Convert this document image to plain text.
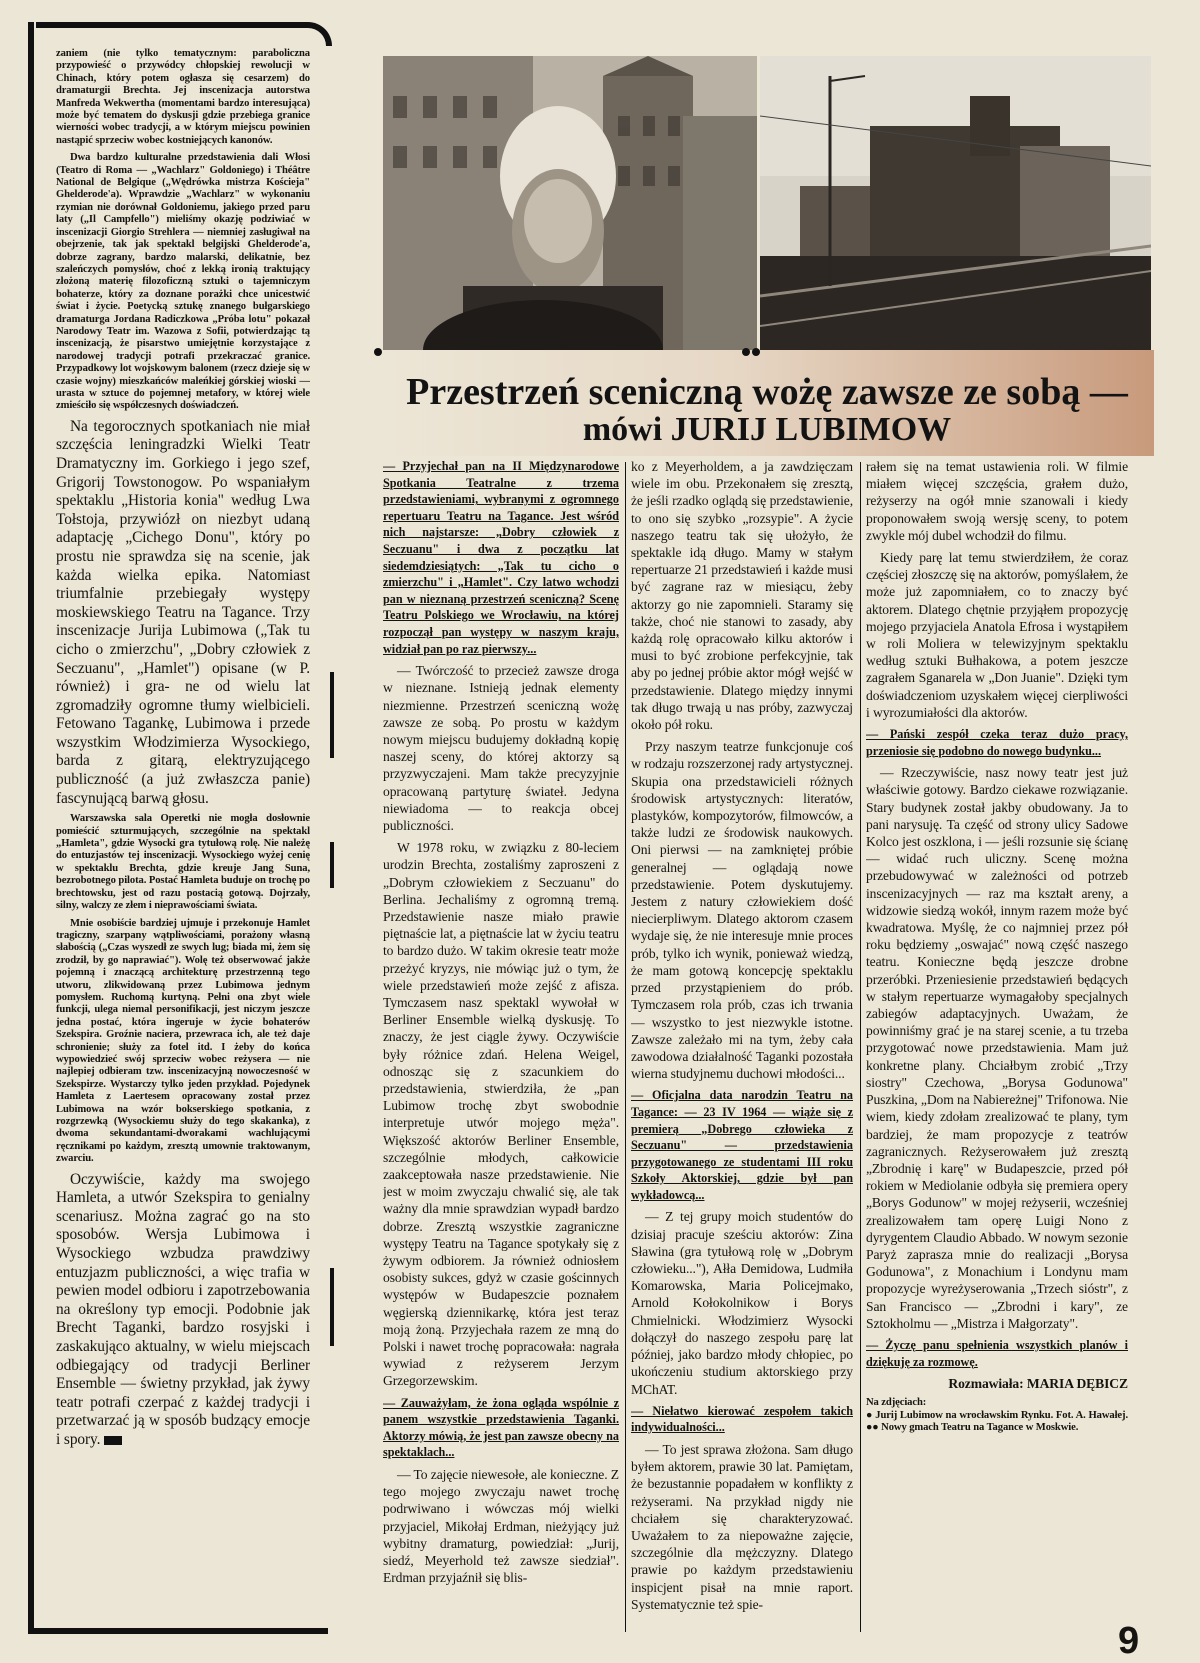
zaniem (nie tylko tematycznym: paraboliczna przypowieść o przywódcy chłopskiej rewolucji w Chinach, który potem ogłasza się cesarzem) do dramaturgii Brechta. Jej inscenizacja autorstwa Manfreda Wekwertha (momentami bardzo interesująca) może być tematem do dyskusji gdzie przebiega granice wierności wobec tradycji, a w którym miejscu powinien nastąpić sprzeciw wobec kostniejących kanonów.

Dwa bardzo kulturalne przedstawienia dali Włosi (Teatro di Roma — „Wachlarz" Goldoniego) i Théâtre National de Belgique („Wędrówka mistrza Kościeja" Ghelderode'a). Wprawdzie „Wachlarz" w wykonaniu rzymian nie dorównał Goldoniemu, jakiego przed paru laty („Il Campfello") mieliśmy okazję podziwiać w inscenizacji Giorgio Strehlera — niemniej zasługiwał na obejrzenie, tak jak spektakl belgijski Ghelderode'a, dobrze zagrany, bardzo malarski, delikatnie, bez szaleńczych pomysłów, choć z lekką ironią traktujący złożoną materię filozoficzną sztuki o tajemniczym bohaterze, który za doznane porażki chce unicestwić świat i życie. Poetycką sztukę znanego bułgarskiego dramaturga Jordana Radiczkowa „Próba lotu" pokazał Narodowy Teatr im. Wazowa z Sofii, potwierdzając tą inscenizacją, że pisarstwo umiejętnie korzystające z narodowej tradycji potrafi przekraczać granice. Przypadkowy lot wojskowym balonem (rzecz dzieje się w czasie wojny) mieszkańców maleńkiej górskiej wioski — urasta w sztuce do pojemnej metafory, w której wiele zmieściło się współczesnych doświadczeń.

Na tegorocznych spotkaniach nie miał szczęścia leningradzki Wielki Teatr Dramatyczny im. Gorkiego i jego szef, Grigorij Towstonogow. Po wspaniałym spektaklu „Historia konia" według Lwa Tołstoja, przywiózł on niezbyt udaną adaptację „Cichego Donu", który po prostu nie sprawdza się na scenie, jak każda wielka epika. Natomiast triumfalnie przebiegały występy moskiewskiego Teatru na Tagance. Trzy inscenizacje Jurija Lubimowa („Tak tu cicho o zmierzchu", „Dobry człowiek z Seczuanu", „Hamlet") opisane (w P. również) i gra- ne od wielu lat zgromadziły ogromne tłumy wielbicieli. Fetowano Tagankę, Lubimowa i przede wszystkim Włodzimierza Wysockiego, barda z gitarą, elektryzującego publiczność (a już zwłaszcza panie) fascynującą barwą głosu.

Warszawska sala Operetki nie mogła dosłownie pomieścić szturmujących, szczególnie na spektakl „Hamleta", gdzie Wysocki gra tytułową rolę. Nie należę do entuzjastów tej inscenizacji. Wysockiego wyżej cenię w spektaklu Brechta, gdzie kreuje Jang Suna, bezrobotnego pilota. Postać Hamleta buduje on trochę po brechtowsku, jest od razu postacią gotową. Dojrzały, silny, walczy ze złem i nieprawościami świata.

Mnie osobiście bardziej ujmuje i przekonuje Hamlet tragiczny, szarpany wątpliwościami, porażony własną słabością („Czas wyszedł ze swych lug; biada mi, żem się zrodził, by go naprawiać"). Wolę też obserwować jakże pojemną i znaczącą architekturę przestrzenną tego utworu, zlikwidowaną przez Lubimowa jednym pomysłem. Ruchomą kurtyną. Pełni ona zbyt wiele funkcji, ulega niemal personifikacji, jest niczym jeszcze jedna postać, która ingeruje w życie bohaterów Szekspira. Groźnie naciera, przewraca ich, ale też daje schronienie; służy za fotel itd. I żeby do końca wypowiedzieć swój sprzeciw wobec reżysera — nie najlepiej odbieram tzw. inscenizacyjną nowoczesność w Szekspirze. Wystarczy tylko jeden przykład. Pojedynek Hamleta z Laertesem opracowany został przez Lubimowa na wzór bokserskiego spotkania, z rozgrzewką (Wysockiemu służy do tego skakanka), z dwoma sekundantami-dworakami wachlującymi ręcznikami po każdym, zresztą umownie traktowanym, zwarciu.

Oczywiście, każdy ma swojego Hamleta, a utwór Szekspira to genialny scenariusz. Można zagrać go na sto sposobów. Wersja Lubimowa i Wysockiego wzbudza prawdziwy entuzjazm publiczności, a więc trafia w pewien model odbioru i zapotrzebowania na określony typ emocji. Podobnie jak Brecht Taganki, bardzo rosyjski i zaskakująco aktualny, w wielu miejscach odbiegający od tradycji Berliner Ensemble — świetny przykład, jak żywy teatr potrafi czerpać z każdej tradycji i przetwarzać ją w sposób budzący emocje i spory.

Przestrzeń sceniczną wożę zawsze ze sobą —
mówi JURIJ LUBIMOW

— Przyjechał pan na II Międzynarodowe Spotkania Teatralne z trzema przedstawieniami, wybranymi z ogromnego repertuaru Teatru na Tagance. Jest wśród nich najstarsze: „Dobry człowiek z Seczuanu" i dwa z początku lat siedemdziesiątych: „Tak tu cicho o zmierzchu" i „Hamlet". Czy latwo wchodzi pan w nieznaną przestrzeń sceniczną? Scenę Teatru Polskiego we Wrocławiu, na której rozpoczął pan występy w naszym kraju, widział pan po raz pierwszy...

— Twórczość to przecież zawsze droga w nieznane. Istnieją jednak elementy niezmienne. Przestrzeń sceniczną wożę zawsze ze sobą. Po prostu w każdym nowym miejscu budujemy dokładną kopię naszej sceny, do której aktorzy są przyzwyczajeni. Mam także precyzyjnie opracowaną partyturę świateł. Jedyna niewiadoma — to reakcja obcej publiczności.

W 1978 roku, w związku z 80-leciem urodzin Brechta, zostaliśmy zaproszeni z „Dobrym człowiekiem z Seczuanu" do Berlina. Jechaliśmy z ogromną tremą. Przedstawienie nasze miało prawie piętnaście lat, a piętnaście lat w życiu teatru to bardzo dużo. W takim okresie teatr może przeżyć kryzys, nie mówiąc już o tym, że wiele przedstawień może zejść z afisza. Tymczasem nasz spektakl wywołał w Berliner Ensemble wielką dyskusję. To znaczy, że jest ciągle żywy. Oczywiście były różnice zdań. Helena Weigel, odnosząc się z szacunkiem do przedstawienia, stwierdziła, że „pan Lubimow trochę zbyt swobodnie interpretuje utwór mojego męża". Większość aktorów Berliner Ensemble, szczególnie młodych, całkowicie zaakceptowała nasze przedstawienie. Nie jest w moim zwyczaju chwalić się, ale tak ważny dla mnie sprawdzian wypadł bardzo dobrze. Zresztą wszystkie zagraniczne występy Teatru na Tagance spotykały się z żywym odbiorem. Ja również odniosłem osobisty sukces, gdyż w czasie gościnnych występów w Budapeszcie poznałem węgierską dziennikarkę, która jest teraz moją żoną. Przyjechała razem ze mną do Polski i nawet trochę popracowała: nagrała wywiad z reżyserem Jerzym Grzegorzewskim.

— Zauważyłam, że żona ogląda wspólnie z panem wszystkie przedstawienia Taganki. Aktorzy mówią, że jest pan zawsze obecny na spektaklach...

— To zajęcie niewesołe, ale konieczne. Z tego mojego zwyczaju nawet trochę podrwiwano i wówczas mój wielki przyjaciel, Mikołaj Erdman, nieżyjący już wybitny dramaturg, powiedział: „Jurij, siedź, Meyerhold też zawsze siedział". Erdman przyjaźnił się blis-

ko z Meyerholdem, a ja zawdzięczam wiele im obu. Przekonałem się zresztą, że jeśli rzadko oglądą się przedstawienie, to ono się szybko „rozsypie". A życie naszego teatru tak się ułożyło, że spektakle idą długo. Mamy w stałym repertuarze 21 przedstawień i każde musi być zagrane raz w miesiącu, żeby aktorzy go nie zapomnieli. Staramy się także, choć nie stanowi to zasady, aby każdą rolę opracowało kilku aktorów i musi to być zrobione perfekcyjnie, tak aby po jednej próbie aktor mógł wejść w przedstawienie. Dlatego między innymi tak długo trwają u nas próby, zazwyczaj około pół roku.

Przy naszym teatrze funkcjonuje coś w rodzaju rozszerzonej rady artystycznej. Skupia ona przedstawicieli różnych środowisk artystycznych: literatów, plastyków, kompozytorów, filmowców, a także ludzi ze środowisk naukowych. Oni pierwsi — na zamkniętej próbie generalnej — oglądają nowe przedstawienie. Potem dyskutujemy. Jestem z natury człowiekiem dość niecierpliwym. Dlatego aktorom czasem wydaje się, że nie interesuje mnie proces prób, tylko ich wynik, ponieważ wiedzą, że mam gotową koncepcję spektaklu przed przystąpieniem do prób. Tymczasem rola prób, czas ich trwania — wszystko to jest niezwykle istotne. Zawsze zależało mi na tym, żeby cała zawodowa działalność Taganki pozostała wierna studyjnemu duchowi młodości...

— Oficjalna data narodzin Teatru na Tagance: — 23 IV 1964 — wiąże się z premierą „Dobrego człowieka z Seczuanu" — przedstawienia przygotowanego ze studentami III roku Szkoły Aktorskiej, gdzie był pan wykładowcą...

— Z tej grupy moich studentów do dzisiaj pracuje sześciu aktorów: Zina Sławina (gra tytułową rolę w „Dobrym człowieku..."), Ałła Demidowa, Ludmiła Komarowska, Maria Policejmako, Arnold Kołokolnikow i Borys Chmielnicki. Włodzimierz Wysocki dołączył do naszego zespołu parę lat później, jako bardzo młody chłopiec, po ukończeniu studium aktorskiego przy MChAT.

— Niełatwo kierować zespołem takich indywidualności...

— To jest sprawa złożona. Sam długo byłem aktorem, prawie 30 lat. Pamiętam, że bezustannie popadałem w konflikty z reżyserami. Na przykład nigdy nie chciałem się charakteryzować. Uważałem to za niepoważne zajęcie, szczególnie dla mężczyzny. Dlatego prawie po każdym przedstawieniu inspicjent pisał na mnie raport. Systematycznie też spie-

rałem się na temat ustawienia roli. W filmie miałem więcej szczęścia, grałem dużo, reżyserzy na ogół mnie szanowali i kiedy proponowałem swoją wersję sceny, to potem zwykle mój dubel wchodził do filmu.

Kiedy parę lat temu stwierdziłem, że coraz częściej złoszczę się na aktorów, pomyślałem, że może już zapomniałem, co to znaczy być aktorem. Dlatego chętnie przyjąłem propozycję mojego przyjaciela Anatola Efrosa i wystąpiłem w roli Moliera w telewizyjnym spektaklu według sztuki Bułhakowa, a potem jeszcze zagrałem Sganarela w „Don Juanie". Dzięki tym doświadczeniom uzyskałem więcej cierpliwości i wyrozumiałości dla aktorów.

— Pański zespół czeka teraz dużo pracy, przeniosie się podobno do nowego budynku...

— Rzeczywiście, nasz nowy teatr jest już właściwie gotowy. Bardzo ciekawe rozwiązanie. Stary budynek został jakby obudowany. Ja to pani narysuję. Ta część od strony ulicy Sadowe Kolco jest oszklona, i — jeśli rozsunie się ścianę — widać ruch uliczny. Scenę można przebudowywać w zależności od potrzeb inscenizacyjnych — raz ma kształt areny, a widzowie siedzą wokół, innym razem może być kwadratowa. Myślę, że co najmniej przez pół roku będziemy „oswajać" nową część naszego teatru. Konieczne będą jeszcze drobne przeróbki. Przeniesienie przedstawień będących w stałym repertuarze wymagałoby specjalnych zabiegów adaptacyjnych. Uważam, że powinniśmy grać je na starej scenie, a tu trzeba przygotować nowe przedstawienia. Mam już konkretne plany. Chciałbym zrobić „Trzy siostry" Czechowa, „Borysa Godunowa" Puszkina, „Dom na Nabiereżnej" Trifonowa. Nie wiem, kiedy zdołam zrealizować te plany, tym bardziej, że mam propozycje z teatrów zagranicznych. Reżyserowałem już zresztą „Zbrodnię i karę" w Budapeszcie, przed pół rokiem w Mediolanie odbyła się premiera opery „Borys Godunow" w mojej reżyserii, wcześniej zrealizowałem tam operę Luigi Nono z dyrygentem Claudio Abbado. W nowym sezonie Paryż zaprasza mnie do realizacji „Borysa Godunowa", z Monachium i Londynu mam propozycje wyreżyserowania „Trzech sióstr", z San Francisco — „Zbrodni i kary", ze Sztokholmu — „Mistrza i Małgorzaty".

— Życzę panu spełnienia wszystkich planów i dziękuję za rozmowę.

Rozmawiała: MARIA DĘBICZ

Na zdjęciach:

● Jurij Lubimow na wrocławskim Rynku. Fot. A. Hawałej. ●● Nowy gmach Teatru na Tagance w Moskwie.

9
